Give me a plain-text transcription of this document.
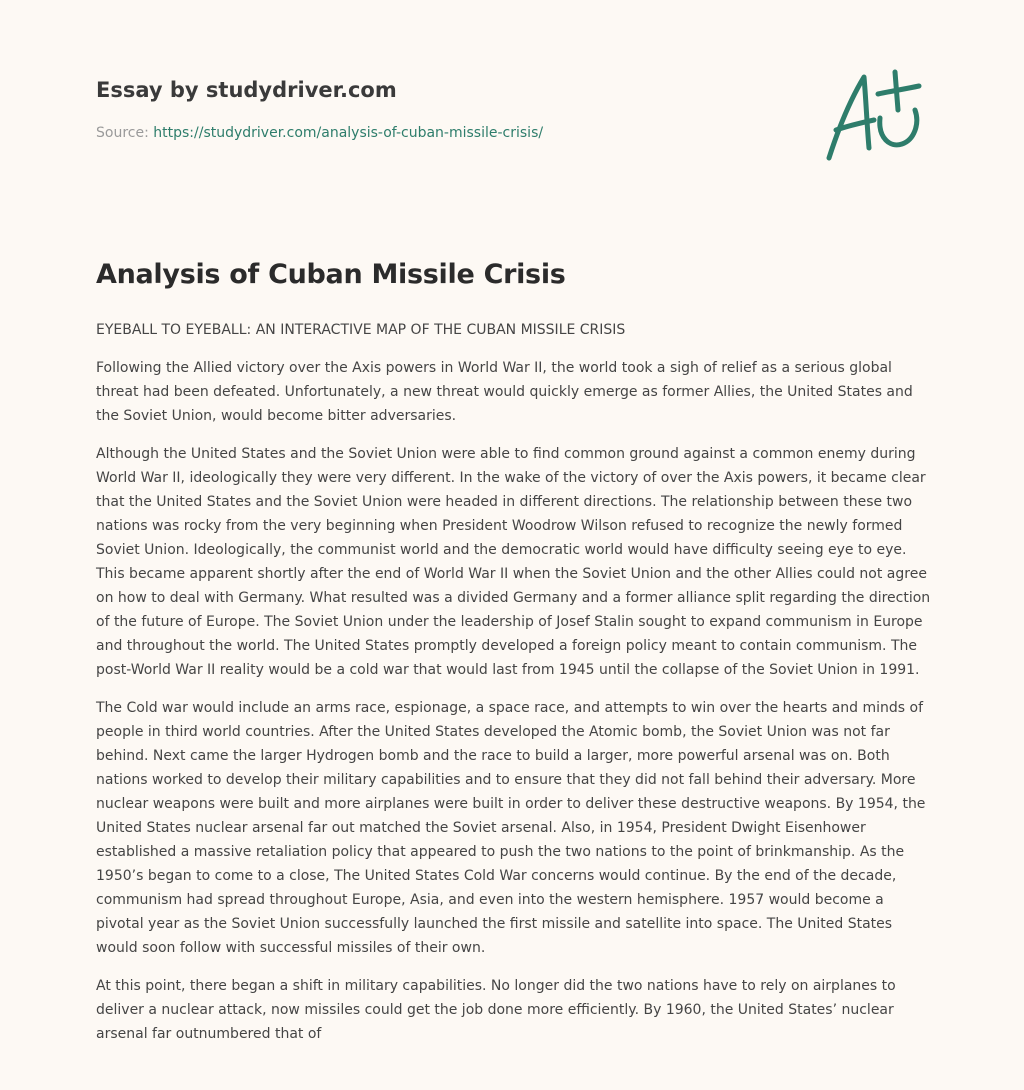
Essay by studydriver.com
Source: https://studydriver.com/analysis-of-cuban-missile-crisis/
Analysis of Cuban Missile Crisis

EYEBALL TO EYEBALL: AN INTERACTIVE MAP OF THE CUBAN MISSILE CRISIS

Following the Allied victory over the Axis powers in World War II, the world took a sigh of relief as a serious global threat had been defeated. Unfortunately, a new threat would quickly emerge as former Allies, the United States and the Soviet Union, would become bitter adversaries.

Although the United States and the Soviet Union were able to find common ground against a common enemy during World War II, ideologically they were very different. In the wake of the victory of over the Axis powers, it became clear that the United States and the Soviet Union were headed in different directions. The relationship between these two nations was rocky from the very beginning when President Woodrow Wilson refused to recognize the newly formed Soviet Union. Ideologically, the communist world and the democratic world would have difficulty seeing eye to eye. This became apparent shortly after the end of World War II when the Soviet Union and the other Allies could not agree on how to deal with Germany. What resulted was a divided Germany and a former alliance split regarding the direction of the future of Europe. The Soviet Union under the leadership of Josef Stalin sought to expand communism in Europe and throughout the world. The United States promptly developed a foreign policy meant to contain communism. The post-World War II reality would be a cold war that would last from 1945 until the collapse of the Soviet Union in 1991.

The Cold war would include an arms race, espionage, a space race, and attempts to win over the hearts and minds of people in third world countries. After the United States developed the Atomic bomb, the Soviet Union was not far behind. Next came the larger Hydrogen bomb and the race to build a larger, more powerful arsenal was on. Both nations worked to develop their military capabilities and to ensure that they did not fall behind their adversary. More nuclear weapons were built and more airplanes were built in order to deliver these destructive weapons. By 1954, the United States nuclear arsenal far out matched the Soviet arsenal. Also, in 1954, President Dwight Eisenhower established a massive retaliation policy that appeared to push the two nations to the point of brinkmanship. As the 1950’s began to come to a close, The United States Cold War concerns would continue. By the end of the decade, communism had spread throughout Europe, Asia, and even into the western hemisphere. 1957 would become a pivotal year as the Soviet Union successfully launched the first missile and satellite into space. The United States would soon follow with successful missiles of their own.

At this point, there began a shift in military capabilities. No longer did the two nations have to rely on airplanes to deliver a nuclear attack, now missiles could get the job done more efficiently. By 1960, the United States’ nuclear arsenal far outnumbered that of
